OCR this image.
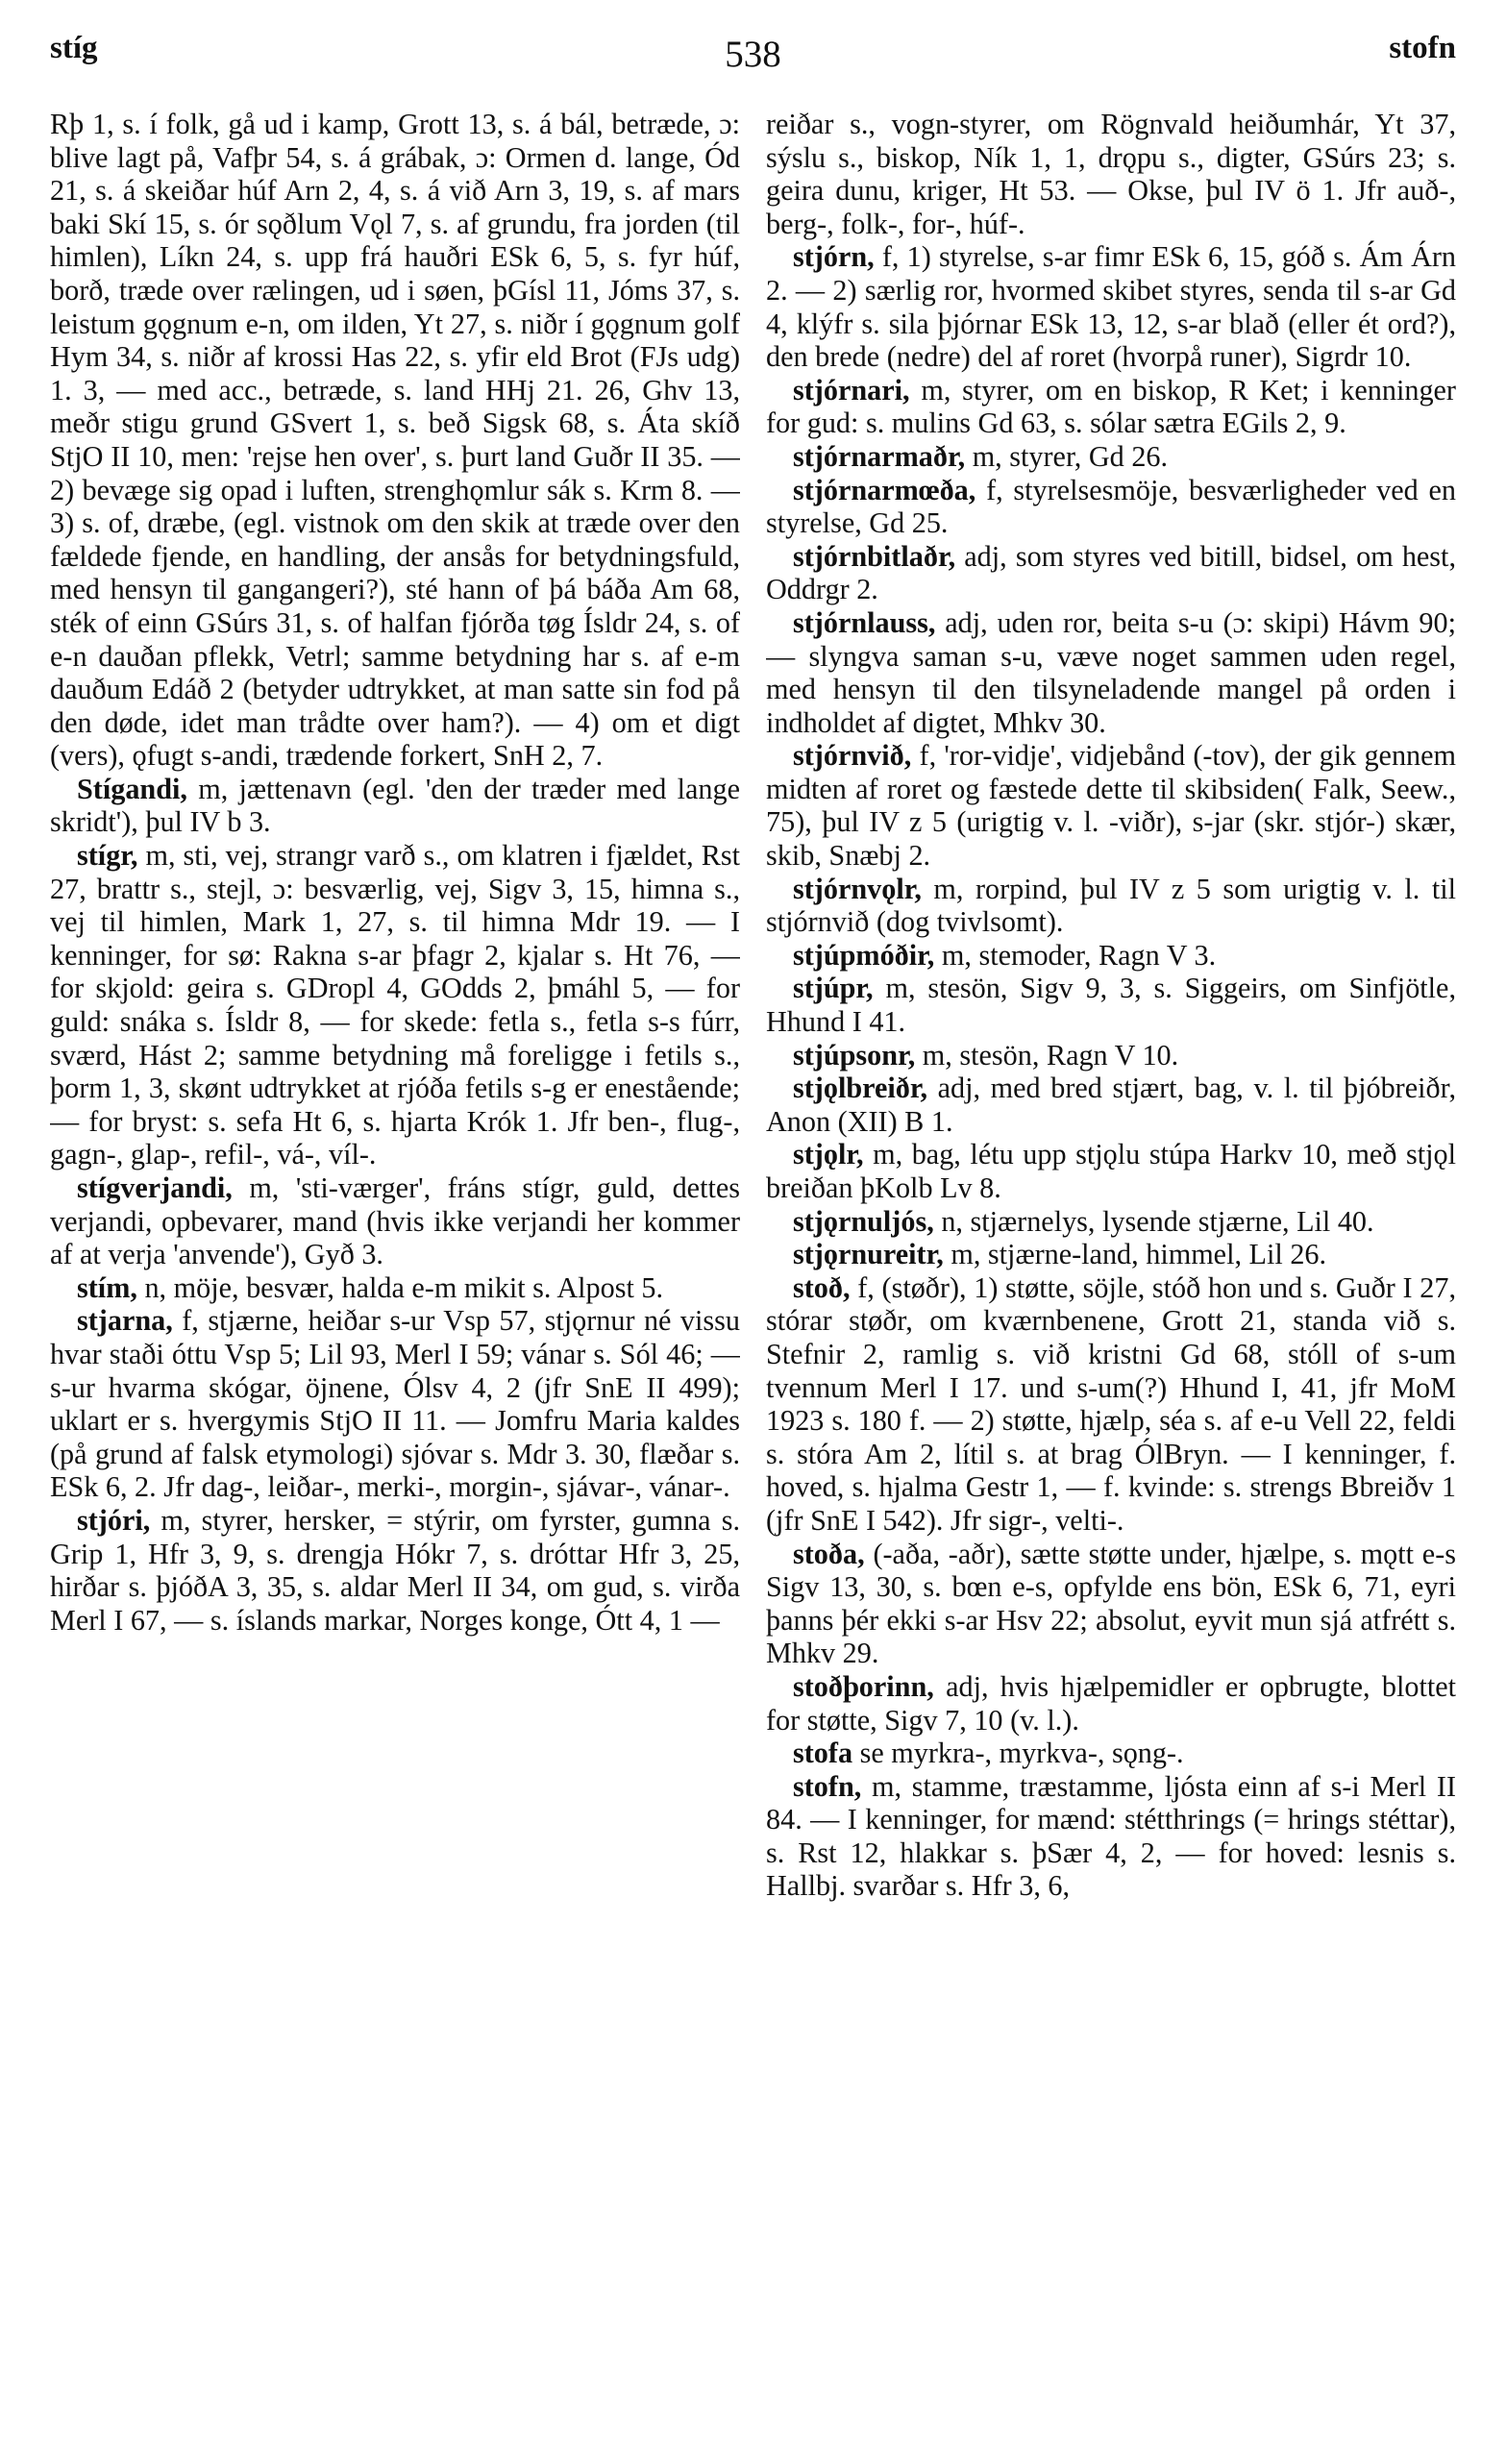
stíg	538	stofn

Rþ 1, s. í folk, gå ud i kamp, Grott 13, s. á bál, betræde, ɔ: blive lagt på, Vafþr 54, s. á grábak, ɔ: Ormen d. lange, Ód 21, s. á skeiðar húf Arn 2, 4, s. á við Arn 3, 19, s. af mars baki Skí 15, s. ór sǫðlum Vǫl 7, s. af grundu, fra jorden (til himlen), Líkn 24, s. upp frá hauðri ESk 6, 5, s. fyr húf, borð, træde over rælingen, ud i søen, þGísl 11, Jóms 37, s. leistum gǫgnum e-n, om ilden, Yt 27, s. niðr í gǫgnum golf Hym 34, s. niðr af krossi Has 22, s. yfir eld Brot (FJs udg) 1. 3, — med acc., betræde, s. land HHj 21. 26, Ghv 13, meðr stigu grund GSvert 1, s. beð Sigsk 68, s. Áta skíð StjO II 10, men: 'rejse hen over', s. þurt land Guðr II 35. — 2) bevæge sig opad i luften, strenghǫmlur sák s. Krm 8. — 3) s. of, dræbe, (egl. vistnok om den skik at træde over den fældede fjende, en handling, der ansås for betydningsfuld, med hensyn til gangangeri?), sté hann of þá báða Am 68, sték of einn GSúrs 31, s. of halfan fjórða tøg Ísldr 24, s. of e-n dauðan pflekk, Vetrl; samme betydning har s. af e-m dauðum Edáð 2 (betyder udtrykket, at man satte sin fod på den døde, idet man trådte over ham?). — 4) om et digt (vers), ǫfugt s-andi, trædende forkert, SnH 2, 7.

Stígandi, m, jættenavn (egl. 'den der træder med lange skridt'), þul IV b 3.

stígr, m, sti, vej, strangr varð s., om klatren i fjældet, Rst 27, brattr s., stejl, ɔ: besværlig, vej, Sigv 3, 15, himna s., vej til himlen, Mark 1, 27, s. til himna Mdr 19. — I kenninger, for sø: Rakna s-ar þfagr 2, kjalar s. Ht 76, — for skjold: geira s. GDropl 4, GOdds 2, þmáhl 5, — for guld: snáka s. Ísldr 8, — for skede: fetla s., fetla s-s fúrr, sværd, Hást 2; samme betydning må foreligge i fetils s., þorm 1, 3, skønt udtrykket at rjóða fetils s-g er enestående; — for bryst: s. sefa Ht 6, s. hjarta Krók 1. Jfr ben-, flug-, gagn-, glap-, refil-, vá-, víl-.

stígverjandi, m, 'sti-værger', fráns stígr, guld, dettes verjandi, opbevarer, mand (hvis ikke verjandi her kommer af at verja 'anvende'), Gyð 3.

stím, n, möje, besvær, halda e-m mikit s. Alpost 5.

stjarna, f, stjærne, heiðar s-ur Vsp 57, stjǫrnur né vissu hvar staði óttu Vsp 5; Lil 93, Merl I 59; vánar s. Sól 46; — s-ur hvarma skógar, öjnene, Ólsv 4, 2 (jfr SnE II 499); uklart er s. hvergymis StjO II 11. — Jomfru Maria kaldes (på grund af falsk etymologi) sjóvar s. Mdr 3. 30, flæðar s. ESk 6, 2. Jfr dag-, leiðar-, merki-, morgin-, sjávar-, vánar-.

stjóri, m, styrer, hersker, = stýrir, om fyrster, gumna s. Grip 1, Hfr 3, 9, s. drengja Hókr 7, s. dróttar Hfr 3, 25, hirðar s. þjóðA 3, 35, s. aldar Merl II 34, om gud, s. virða Merl I 67, — s. íslands markar, Norges konge, Ótt 4, 1 —

reiðar s., vogn-styrer, om Rögnvald heiðumhár, Yt 37, sýslu s., biskop, Ník 1, 1, drǫpu s., digter, GSúrs 23; s. geira dunu, kriger, Ht 53. — Okse, þul IV ö 1. Jfr auð-, berg-, folk-, for-, húf-.

stjórn, f, 1) styrelse, s-ar fimr ESk 6, 15, góð s. Ám Árn 2. — 2) særlig ror, hvormed skibet styres, senda til s-ar Gd 4, klýfr s. sila þjórnar ESk 13, 12, s-ar blað (eller ét ord?), den brede (nedre) del af roret (hvorpå runer), Sigrdr 10.

stjórnari, m, styrer, om en biskop, R Ket; i kenninger for gud: s. mulins Gd 63, s. sólar sætra EGils 2, 9.

stjórnarmaðr, m, styrer, Gd 26.

stjórnarmœða, f, styrelsesmöje, besværligheder ved en styrelse, Gd 25.

stjórnbitlaðr, adj, som styres ved bitill, bidsel, om hest, Oddrgr 2.

stjórnlauss, adj, uden ror, beita s-u (ɔ: skipi) Hávm 90; — slyngva saman s-u, væve noget sammen uden regel, med hensyn til den tilsyneladende mangel på orden i indholdet af digtet, Mhkv 30.

stjórnvið, f, 'ror-vidje', vidjebånd (-tov), der gik gennem midten af roret og fæstede dette til skibsiden( Falk, Seew., 75), þul IV z 5 (urigtig v. l. -viðr), s-jar (skr. stjór-) skær, skib, Snæbj 2.

stjórnvǫlr, m, rorpind, þul IV z 5 som urigtig v. l. til stjórnvið (dog tvivlsomt).

stjúpmóðir, m, stemoder, Ragn V 3.

stjúpr, m, stesön, Sigv 9, 3, s. Siggeirs, om Sinfjötle, Hhund I 41.

stjúpsonr, m, stesön, Ragn V 10.

stjǫlbreiðr, adj, med bred stjært, bag, v. l. til þjóbreiðr, Anon (XII) B 1.

stjǫlr, m, bag, létu upp stjǫlu stúpa Harkv 10, með stjǫl breiðan þKolb Lv 8.

stjǫrnuljós, n, stjærnelys, lysende stjærne, Lil 40.

stjǫrnureitr, m, stjærne-land, himmel, Lil 26.

stoð, f, (støðr), 1) støtte, söjle, stóð hon und s. Guðr I 27, stórar støðr, om kværnbenene, Grott 21, standa við s. Stefnir 2, ramlig s. við kristni Gd 68, stóll of s-um tvennum Merl I 17. und s-um(?) Hhund I, 41, jfr MoM 1923 s. 180 f. — 2) støtte, hjælp, séa s. af e-u Vell 22, feldi s. stóra Am 2, lítil s. at brag ÓlBryn. — I kenninger, f. hoved, s. hjalma Gestr 1, — f. kvinde: s. strengs Bbreiðv 1 (jfr SnE I 542). Jfr sigr-, velti-.

stoða, (-aða, -aðr), sætte støtte under, hjælpe, s. mǫtt e-s Sigv 13, 30, s. bœn e-s, opfylde ens bön, ESk 6, 71, eyri þanns þér ekki s-ar Hsv 22; absolut, eyvit mun sjá atfrétt s. Mhkv 29.

stoðþorinn, adj, hvis hjælpemidler er opbrugte, blottet for støtte, Sigv 7, 10 (v. l.).

stofa se myrkra-, myrkva-, sǫng-.

stofn, m, stamme, træstamme, ljósta einn af s-i Merl II 84. — I kenninger, for mænd: stétthrings (= hrings stéttar), s. Rst 12, hlakkar s. þSær 4, 2, — for hoved: lesnis s. Hallbj. svarðar s. Hfr 3, 6,
